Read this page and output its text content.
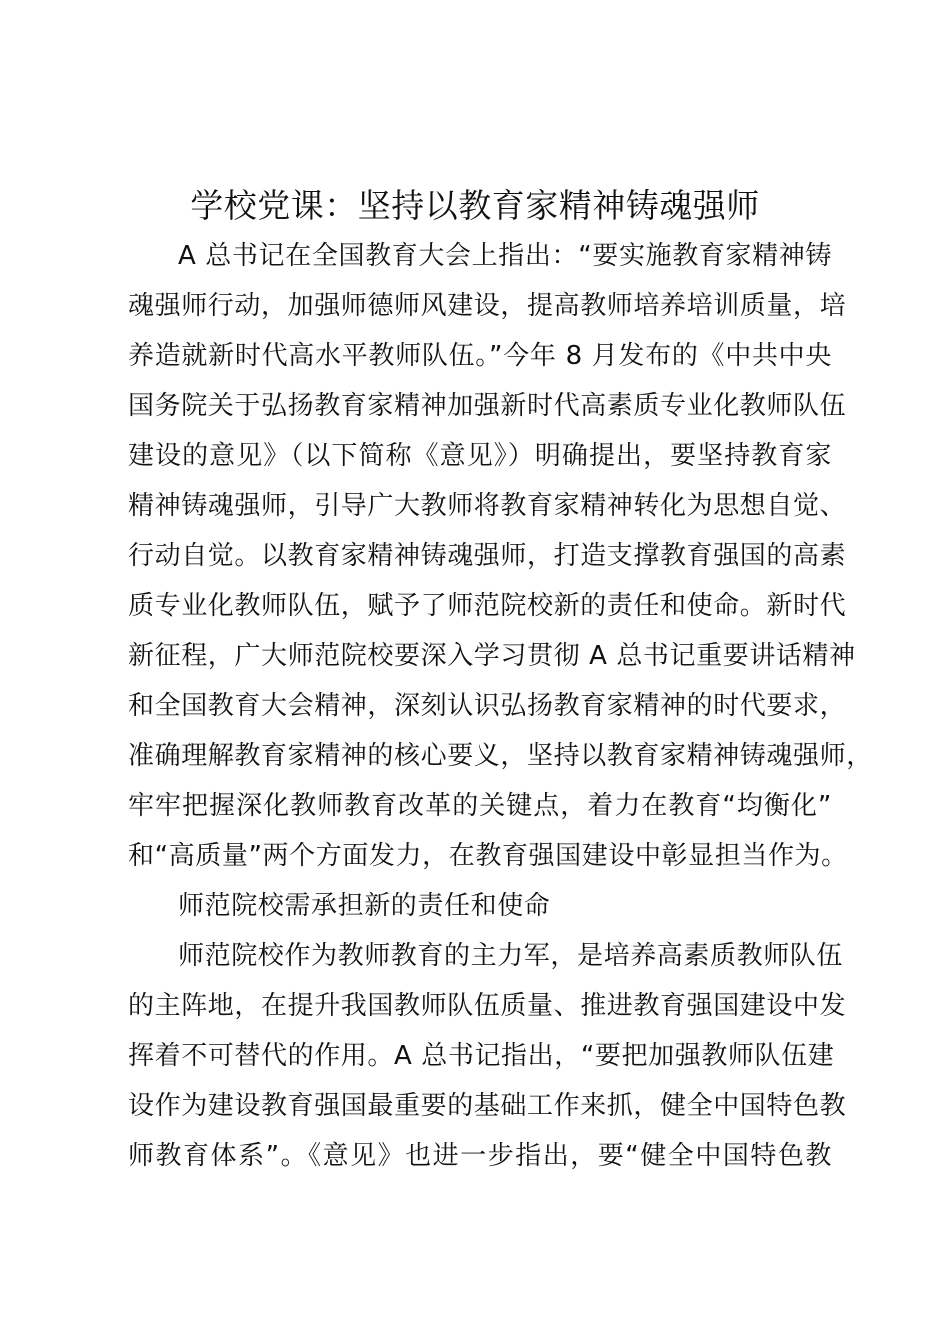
学校党课：坚持以教育家精神铸魂强师
A 总书记在全国教育大会上指出：“要实施教育家精神铸
魂强师行动，加强师德师风建设，提高教师培养培训质量，培
养造就新时代高水平教师队伍。”今年 8 月发布的《中共中央
国务院关于弘扬教育家精神加强新时代高素质专业化教师队伍
建设的意见》（以下简称《意见》）明确提出，要坚持教育家
精神铸魂强师，引导广大教师将教育家精神转化为思想自觉、
行动自觉。以教育家精神铸魂强师，打造支撑教育强国的高素
质专业化教师队伍，赋予了师范院校新的责任和使命。新时代
新征程，广大师范院校要深入学习贯彻 A 总书记重要讲话精神
和全国教育大会精神，深刻认识弘扬教育家精神的时代要求，
准确理解教育家精神的核心要义，坚持以教育家精神铸魂强师，
牢牢把握深化教师教育改革的关键点，着力在教育“均衡化”
和“高质量”两个方面发力，在教育强国建设中彰显担当作为。
师范院校需承担新的责任和使命
师范院校作为教师教育的主力军，是培养高素质教师队伍
的主阵地，在提升我国教师队伍质量、推进教育强国建设中发
挥着不可替代的作用。A 总书记指出，“要把加强教师队伍建
设作为建设教育强国最重要的基础工作来抓，健全中国特色教
师教育体系”。《意见》也进一步指出，要“健全中国特色教
